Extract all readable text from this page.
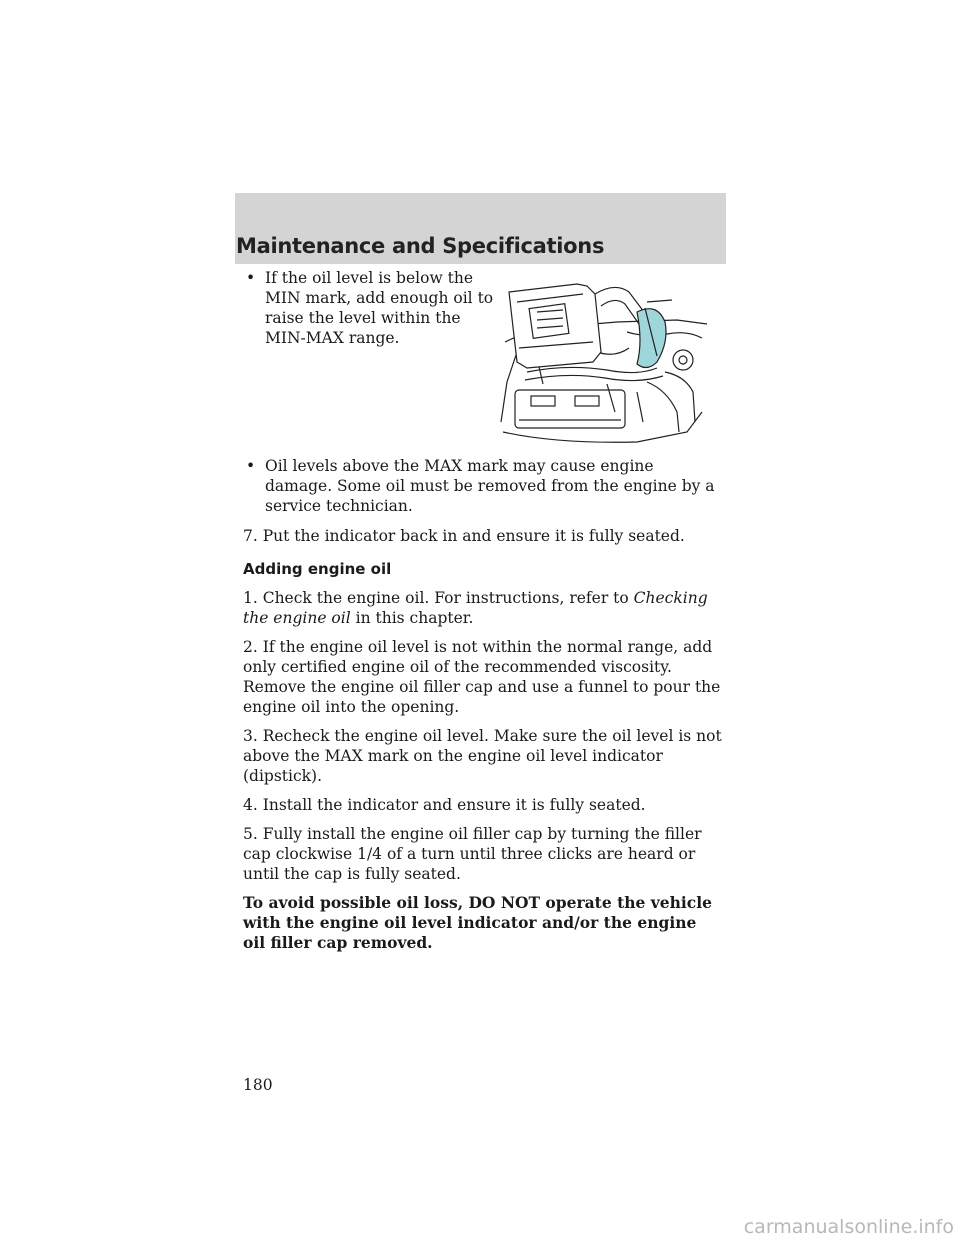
Maintenance and Specifications
• If the oil level is below the MIN mark, add enough oil to raise the level within the MIN-MAX range.
• Oil levels above the MAX mark may cause engine damage. Some oil must be removed from the engine by a service technician.

7. Put the indicator back in and ensure it is fully seated.

Adding engine oil

1. Check the engine oil. For instructions, refer to Checking the engine oil in this chapter.

2. If the engine oil level is not within the normal range, add only certified engine oil of the recommended viscosity. Remove the engine oil filler cap and use a funnel to pour the engine oil into the opening.

3. Recheck the engine oil level. Make sure the oil level is not above the MAX mark on the engine oil level indicator (dipstick).

4. Install the indicator and ensure it is fully seated.

5. Fully install the engine oil filler cap by turning the filler cap clockwise 1/4 of a turn until three clicks are heard or until the cap is fully seated.

To avoid possible oil loss, DO NOT operate the vehicle with the engine oil level indicator and/or the engine oil filler cap removed.

180
carmanualsonline.info
